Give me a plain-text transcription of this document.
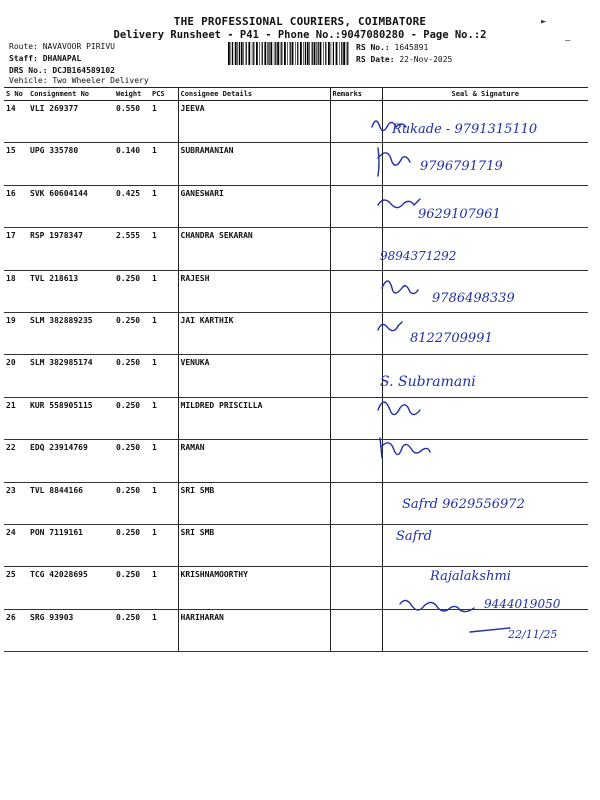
THE PROFESSIONAL COURIERS, COIMBATORE
Delivery Runsheet - P41 - Phone No.:9047080280 - Page No.:2
►
—
Route: NAVAVOOR PIRIVU
Staff: DHANAPAL
DRS No.: DCJB164589102
Vehicle: Two Wheeler Delivery
RS No.: 1645891
RS Date: 22-Nov-2025
S No	Consignment No	Weight	PCS	Consignee Details	Remarks	Seal & Signature
14	VLI 269377	0.550	1	JEEVA		
15	UPG 335780	0.140	1	SUBRAMANIAN		
16	SVK 60604144	0.425	1	GANESWARI		
17	RSP 1978347	2.555	1	CHANDRA SEKARAN		
18	TVL 218613	0.250	1	RAJESH		
19	SLM 382889235	0.250	1	JAI KARTHIK		
20	SLM 382985174	0.250	1	VENUKA		
21	KUR 558905115	0.250	1	MILDRED PRISCILLA		
22	EDQ 23914769	0.250	1	RAMAN		
23	TVL 8844166	0.250	1	SRI SMB		
24	PON 7119161	0.250	1	SRI SMB		
25	TCG 42028695	0.250	1	KRISHNAMOORTHY		
26	SRG 93903	0.250	1	HARIHARAN		
Rukade - 9791315110
9796791719
9629107961
9894371292
9786498339
8122709991
S. Subramani
Safrd 9629556972
Safrd
Rajalakshmi
9444019050
22/11/25
